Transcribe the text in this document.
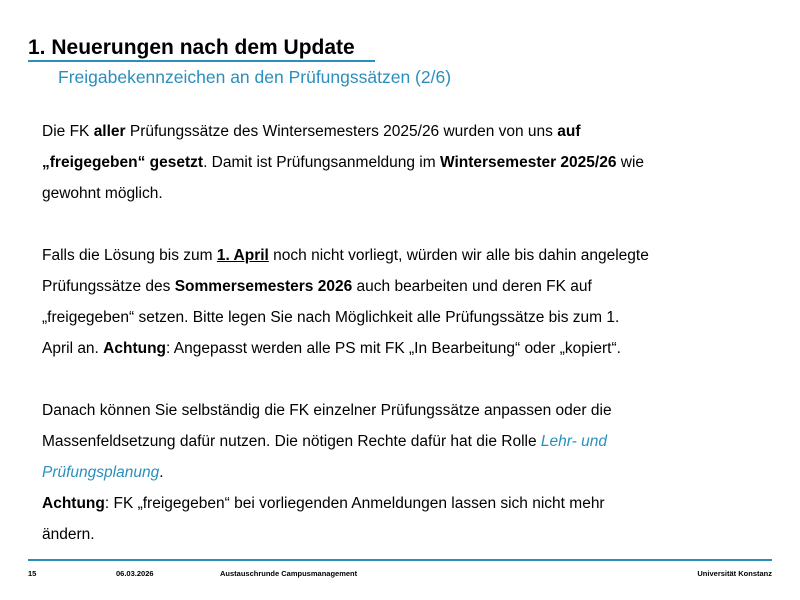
1. Neuerungen nach dem Update
Freigabekennzeichen an den Prüfungssätzen (2/6)
Die FK aller Prüfungssätze des Wintersemesters 2025/26 wurden von uns auf
„freigegeben“ gesetzt. Damit ist Prüfungsanmeldung im Wintersemester 2025/26 wie
gewohnt möglich.
Falls die Lösung bis zum 1. April noch nicht vorliegt, würden wir alle bis dahin angelegte
Prüfungssätze des Sommersemesters 2026 auch bearbeiten und deren FK auf
„freigegeben“ setzen. Bitte legen Sie nach Möglichkeit alle Prüfungssätze bis zum 1.
April an. Achtung: Angepasst werden alle PS mit FK „In Bearbeitung“ oder „kopiert“.
Danach können Sie selbständig die FK einzelner Prüfungssätze anpassen oder die
Massenfeldsetzung dafür nutzen. Die nötigen Rechte dafür hat die Rolle Lehr- und
Prüfungsplanung.
Achtung: FK „freigegeben“ bei vorliegenden Anmeldungen lassen sich nicht mehr
ändern.
15	06.03.2026	Austauschrunde Campusmanagement	Universität Konstanz
